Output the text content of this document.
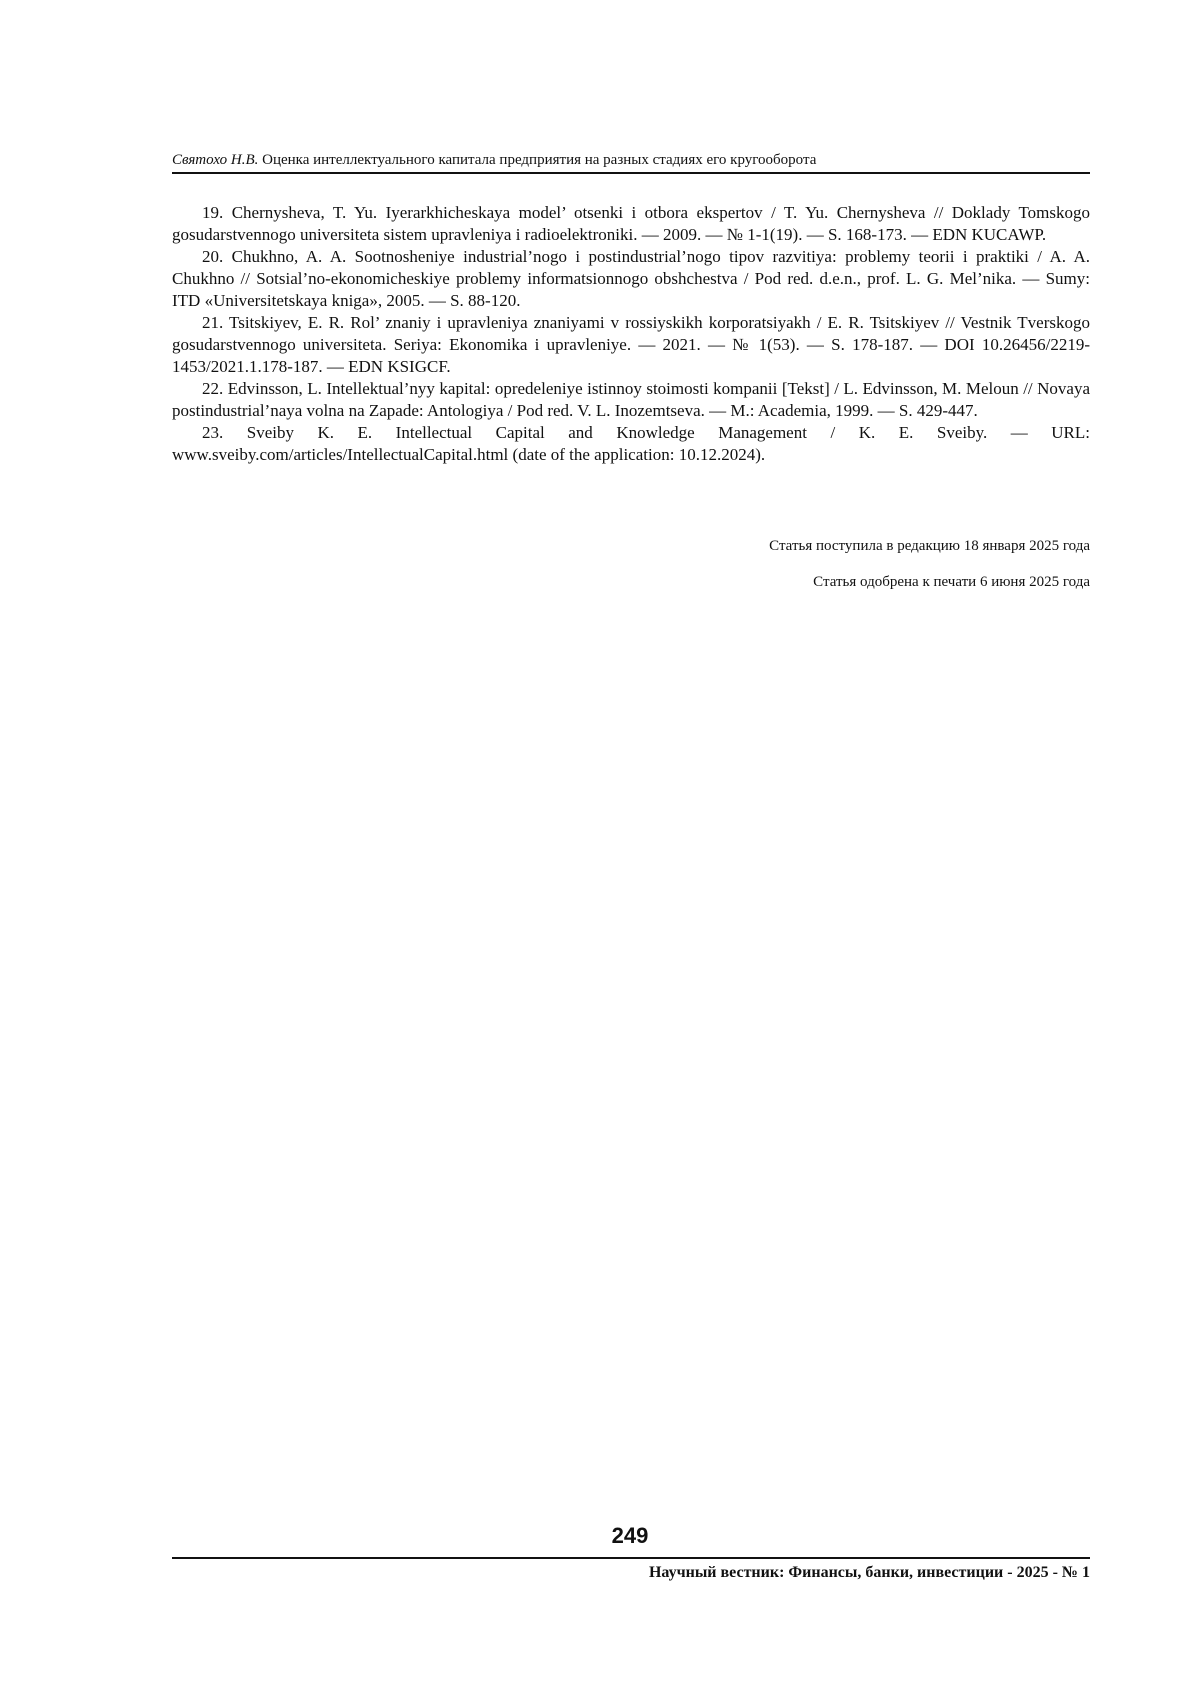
Святохо Н.В. Оценка интеллектуального капитала предприятия на разных стадиях его кругооборота

19. Chernysheva, T. Yu. Iyerarkhicheskaya model’ otsenki i otbora ekspertov / T. Yu. Chernysheva // Doklady Tomskogo gosudarstvennogo universiteta sistem upravleniya i radioelektroniki. — 2009. — № 1-1(19). — S. 168-173. — EDN KUCAWP.

20. Chukhno, A. A. Sootnosheniye industrial’nogo i postindustrial’nogo tipov razvitiya: problemy teorii i praktiki / A. A. Chukhno // Sotsial’no-ekonomicheskiye problemy informatsionnogo obshchestva / Pod red. d.e.n., prof. L. G. Mel’nika. — Sumy: ITD «Universitetskaya kniga», 2005. — S. 88-120.

21. Tsitskiyev, E. R. Rol’ znaniy i upravleniya znaniyami v rossiyskikh korporatsiyakh / E. R. Tsitskiyev // Vestnik Tverskogo gosudarstvennogo universiteta. Seriya: Ekonomika i upravleniye. — 2021. — № 1(53). — S. 178-187. — DOI 10.26456/2219-1453/2021.1.178-187. — EDN KSIGCF.

22. Edvinsson, L. Intellektual’nyy kapital: opredeleniye istinnoy stoimosti kompanii [Tekst] / L. Edvinsson, M. Meloun // Novaya postindustrial’naya volna na Zapade: Antologiya / Pod red. V. L. Inozemtseva. — M.: Academia, 1999. — S. 429-447.

23. Sveiby K. E. Intellectual Capital and Knowledge Management / K. E. Sveiby. — URL: www.sveiby.com/articles/IntellectualCapital.html (date of the application: 10.12.2024).

Статья поступила в редакцию 18 января 2025 года
Статья одобрена к печати 6 июня 2025 года
249
Научный вестник: Финансы, банки, инвестиции - 2025 - № 1
